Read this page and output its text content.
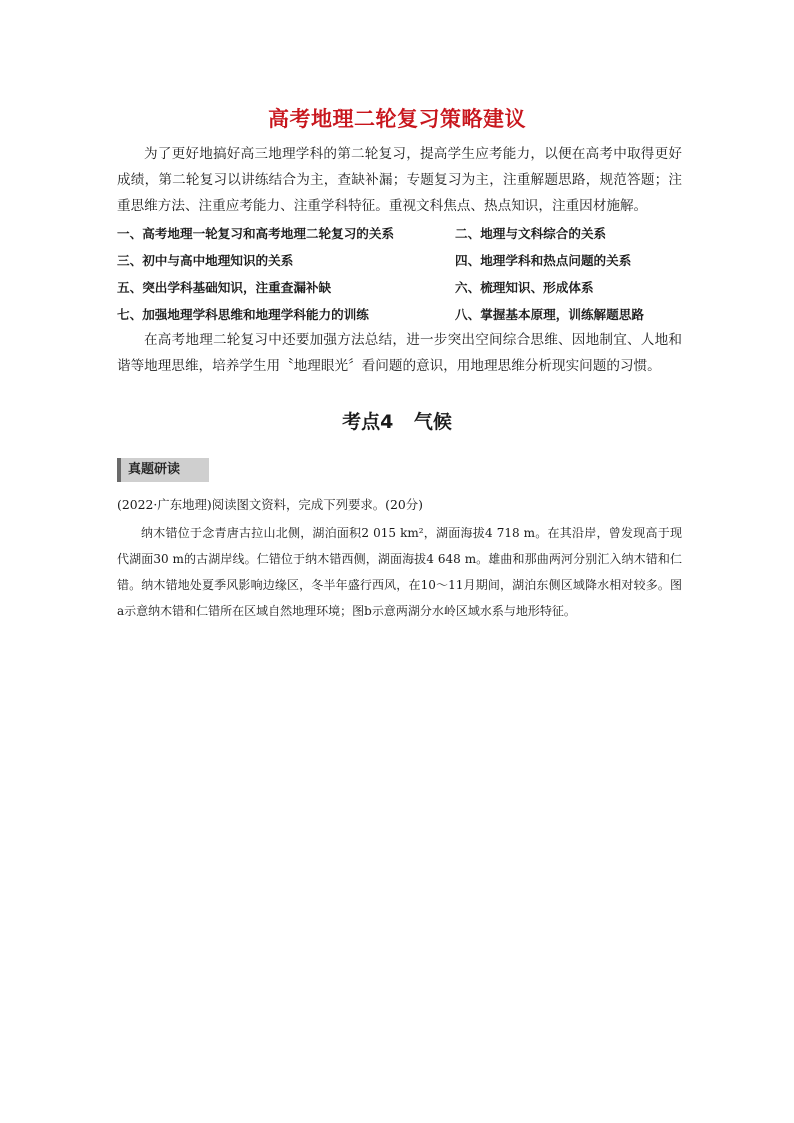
高考地理二轮复习策略建议

为了更好地搞好高三地理学科的第二轮复习，提高学生应考能力，以便在高考中取得更好成绩，第二轮复习以讲练结合为主，查缺补漏；专题复习为主，注重解题思路，规范答题；注重思维方法、注重应考能力、注重学科特征。重视文科焦点、热点知识，注重因材施解。

一、高考地理一轮复习和高考地理二轮复习的关系	二、地理与文科综合的关系
三、初中与高中地理知识的关系	四、地理学科和热点问题的关系
五、突出学科基础知识，注重查漏补缺	六、梳理知识、形成体系
七、加强地理学科思维和地理学科能力的训练	八、掌握基本原理，训练解题思路

在高考地理二轮复习中还要加强方法总结，进一步突出空间综合思维、因地制宜、人地和谐等地理思维，培养学生用〝地理眼光〞看问题的意识，用地理思维分析现实问题的习惯。

考点4 气候
真题研读
(2022·广东地理)阅读图文资料，完成下列要求。(20分)

纳木错位于念青唐古拉山北侧，湖泊面积2 015 km²，湖面海拔4 718 m。在其沿岸，曾发现高于现代湖面30 m的古湖岸线。仁错位于纳木错西侧，湖面海拔4 648 m。雄曲和那曲两河分别汇入纳木错和仁错。纳木错地处夏季风影响边缘区，冬半年盛行西风，在10～11月期间，湖泊东侧区域降水相对较多。图a示意纳木错和仁错所在区域自然地理环境；图b示意两湖分水岭区域水系与地形特征。
